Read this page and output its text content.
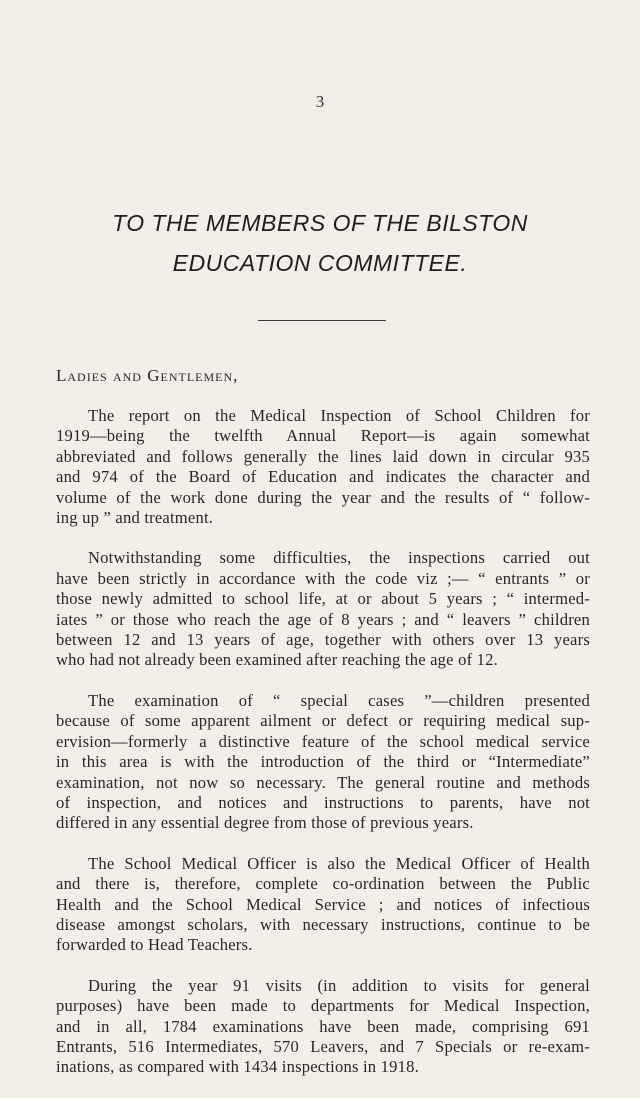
3
TO THE MEMBERS OF THE BILSTON
EDUCATION COMMITTEE.
Ladies and Gentlemen,
The report on the Medical Inspection of School Children for
1919—being the twelfth Annual Report—is again somewhat
abbreviated and follows generally the lines laid down in circular 935
and 974 of the Board of Education and indicates the character and
volume of the work done during the year and the results of “ follow-
ing up ” and treatment.
Notwithstanding some difficulties, the inspections carried out
have been strictly in accordance with the code viz ;— “ entrants ” or
those newly admitted to school life, at or about 5 years ; “ intermed-
iates ” or those who reach the age of 8 years ; and “ leavers ” children
between 12 and 13 years of age, together with others over 13 years
who had not already been examined after reaching the age of 12.
The examination of “ special cases ”—children presented
because of some apparent ailment or defect or requiring medical sup-
ervision—formerly a distinctive feature of the school medical service
in this area is with the introduction of the third or “Intermediate”
examination, not now so necessary. The general routine and methods
of inspection, and notices and instructions to parents, have not
differed in any essential degree from those of previous years.
The School Medical Officer is also the Medical Officer of Health
and there is, therefore, complete co-ordination between the Public
Health and the School Medical Service ; and notices of infectious
disease amongst scholars, with necessary instructions, continue to be
forwarded to Head Teachers.
During the year 91 visits (in addition to visits for general
purposes) have been made to departments for Medical Inspection,
and in all, 1784 examinations have been made, comprising 691
Entrants, 516 Intermediates, 570 Leavers, and 7 Specials or re-exam-
inations, as compared with 1434 inspections in 1918.
